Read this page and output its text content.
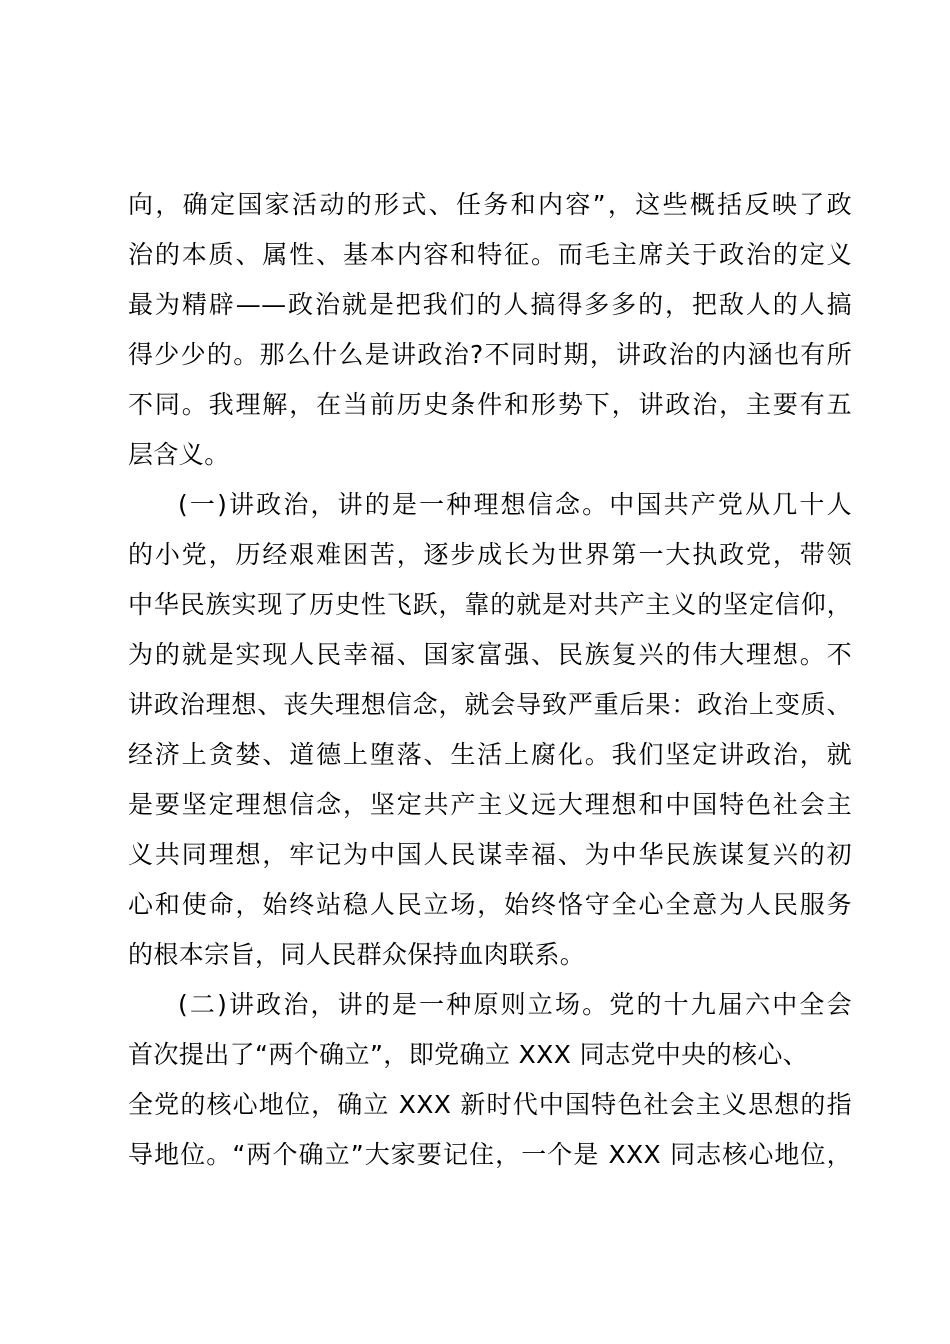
向，确定国家活动的形式、任务和内容”，这些概括反映了政
治的本质、属性、基本内容和特征。而毛主席关于政治的定义
最为精辟——政治就是把我们的人搞得多多的，把敌人的人搞
得少少的。那么什么是讲政治?不同时期，讲政治的内涵也有所
不同。我理解，在当前历史条件和形势下，讲政治，主要有五
层含义。
(一)讲政治，讲的是一种理想信念。中国共产党从几十人
的小党，历经艰难困苦，逐步成长为世界第一大执政党，带领
中华民族实现了历史性飞跃，靠的就是对共产主义的坚定信仰，
为的就是实现人民幸福、国家富强、民族复兴的伟大理想。不
讲政治理想、丧失理想信念，就会导致严重后果：政治上变质、
经济上贪婪、道德上堕落、生活上腐化。我们坚定讲政治，就
是要坚定理想信念，坚定共产主义远大理想和中国特色社会主
义共同理想，牢记为中国人民谋幸福、为中华民族谋复兴的初
心和使命，始终站稳人民立场，始终恪守全心全意为人民服务
的根本宗旨，同人民群众保持血肉联系。
(二)讲政治，讲的是一种原则立场。党的十九届六中全会
首次提出了“两个确立”，即党确立 XXX 同志党中央的核心、
全党的核心地位，确立 XXX 新时代中国特色社会主义思想的指
导地位。“两个确立”大家要记住，一个是 XXX 同志核心地位，
